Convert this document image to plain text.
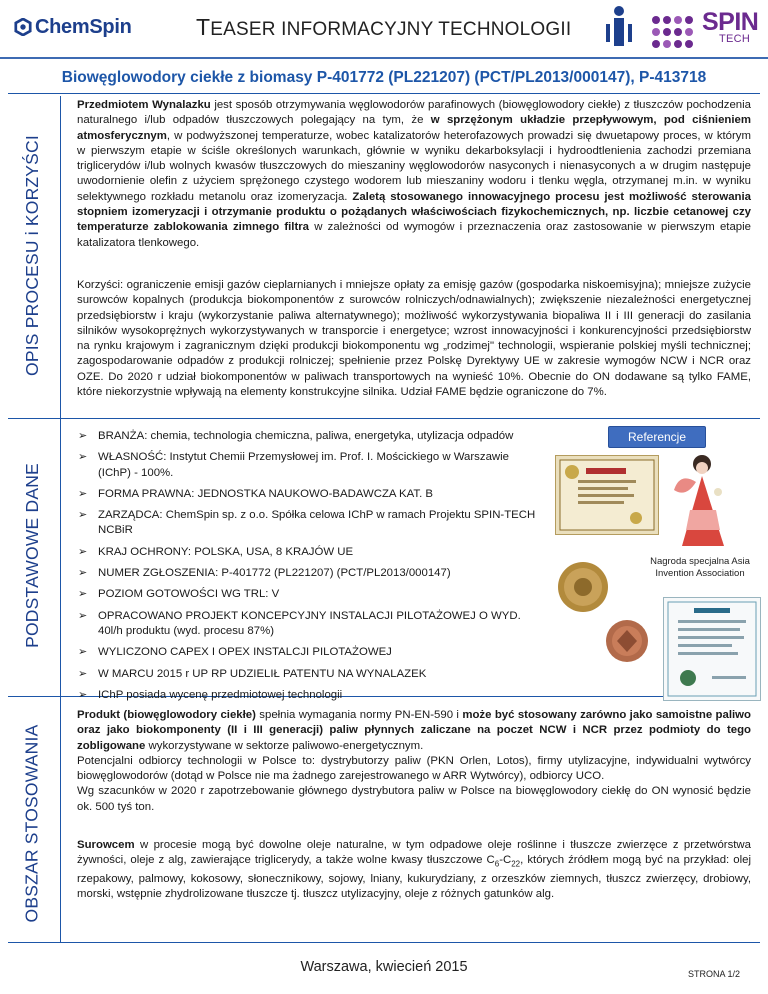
ChemSpin	TEASER INFORMACYJNY TECHNOLOGII	SPIN
TECH
Biowęglowodory ciekłe z biomasy P-401772 (PL221207) (PCT/PL2013/000147), P-413718
OPIS PROCESU i KORZYŚCI
PODSTAWOWE DANE
OBSZAR STOSOWANIA
Przedmiotem Wynalazku jest sposób otrzymywania węglowodorów parafinowych (biowęglowodory ciekłe) z tłuszczów pochodzenia naturalnego i/lub odpadów tłuszczowych polegający na tym, że w sprzężonym układzie przepływowym, pod ciśnieniem atmosferycznym, w podwyższonej temperaturze, wobec katalizatorów heterofazowych prowadzi się dwuetapowy proces, w którym w pierwszym etapie w ściśle określonych warunkach, głównie w wyniku dekarboksylacji i hydroodtlenienia zachodzi przemiana triglicerydów i/lub wolnych kwasów tłuszczowych do mieszaniny węglowodorów nasyconych i nienasyconych a w drugim następuje uwodornienie olefin z użyciem sprężonego czystego wodorem lub mieszaniny wodoru i tlenku węgla, otrzymanej m.in. w wyniku selektywnego rozkładu metanolu oraz izomeryzacja. Zaletą stosowanego innowacyjnego procesu jest możliwość sterowania stopniem izomeryzacji i otrzymanie produktu o pożądanych właściwościach fizykochemicznych, np. liczbie cetanowej czy temperaturze zablokowania zimnego filtra w zależności od wymogów i przeznaczenia oraz zastosowanie w pierwszym etapie katalizatora tlenkowego.
Korzyści: ograniczenie emisji gazów cieplarnianych i mniejsze opłaty za emisję gazów (gospodarka niskoemisyjna); mniejsze zużycie surowców kopalnych (produkcja biokomponentów z surowców rolniczych/odnawialnych); zwiększenie niezależności energetycznej przedsiębiorstw i kraju (wykorzystanie paliwa alternatywnego); możliwość wykorzystywania biopaliwa II i III generacji do zasilania silników wysokoprężnych wykorzystywanych w transporcie i energetyce; wzrost innowacyjności i konkurencyjności przedsiębiorstw na rynku krajowym i zagranicznym dzięki produkcji biokomponentu wg „rodzimej" technologii, wspieranie polskiej myśli technicznej; zagospodarowanie odpadów z produkcji rolniczej; spełnienie przez Polskę Dyrektywy UE w zakresie wymogów NCW i NCR oraz OZE. Do 2020 r udział biokomponentów w paliwach transportowych na wynieść 10%. Obecnie do ON dodawane są tylko FAME, które niekorzystnie wpływają na elementy konstrukcyjne silnika. Udział FAME będzie ograniczone do 7%.
➢ BRANŻA: chemia, technologia chemiczna, paliwa, energetyka, utylizacja odpadów
➢ WŁASNOŚĆ: Instytut Chemii Przemysłowej im. Prof. I. Mościckiego w Warszawie (IChP) - 100%.
➢ FORMA PRAWNA: JEDNOSTKA NAUKOWO-BADAWCZA KAT. B
➢ ZARZĄDCA: ChemSpin sp. z o.o. Spółka celowa IChP w ramach Projektu SPIN-TECH NCBiR
➢ KRAJ OCHRONY: POLSKA, USA, 8 KRAJÓW UE
➢ NUMER ZGŁOSZENIA: P-401772 (PL221207) (PCT/PL2013/000147)
➢ POZIOM GOTOWOŚCI WG TRL: V
➢ OPRACOWANO PROJEKT KONCEPCYJNY INSTALACJI PILOTAŻOWEJ O WYD. 40l/h produktu (wyd. procesu 87%)
➢ WYLICZONO CAPEX I OPEX INSTALCJI PILOTAŻOWEJ
➢ W MARCU 2015 r UP RP UDZIELIŁ PATENTU NA WYNALAZEK
➢ IChP posiada wycenę przedmiotowej technologii
Referencje
Nagroda specjalna Asia Invention Association
Produkt (biowęglowodory ciekłe) spełnia wymagania normy PN-EN-590 i może być stosowany zarówno jako samoistne paliwo oraz jako biokomponenty (II i III generacji) paliw płynnych zaliczane na poczet NCW i NCR przez podmioty do tego zobligowane wykorzystywane w sektorze paliwowo-energetycznym.
Potencjalni odbiorcy technologii w Polsce to: dystrybutorzy paliw (PKN Orlen, Lotos), firmy utylizacyjne, indywidualni wytwórcy biowęglowodorów (dotąd w Polsce nie ma żadnego zarejestrowanego w ARR Wytwórcy), odbiorcy UCO.
Wg szacunków w 2020 r zapotrzebowanie głównego dystrybutora paliw w Polsce na biowęglowodory ciekłę do ON wynosić będzie ok. 500 tyś ton.
Surowcem w procesie mogą być dowolne oleje naturalne, w tym odpadowe oleje roślinne i tłuszcze zwierzęce z przetwórstwa żywności, oleje z alg, zawierające triglicerydy, a także wolne kwasy tłuszczowe $C_6-C_{22}$, których źródłem mogą być na przykład: olej rzepakowy, palmowy, kokosowy, słonecznikowy, sojowy, lniany, kukurydziany, z orzeszków ziemnych, tłuszcz zwierzęcy, drobiowy, morski, wstępnie zhydrolizowane tłuszcze tj. tłuszcz utylizacyjny, oleje z różnych gatunków alg.
Warszawa, kwiecień 2015	STRONA 1/2
